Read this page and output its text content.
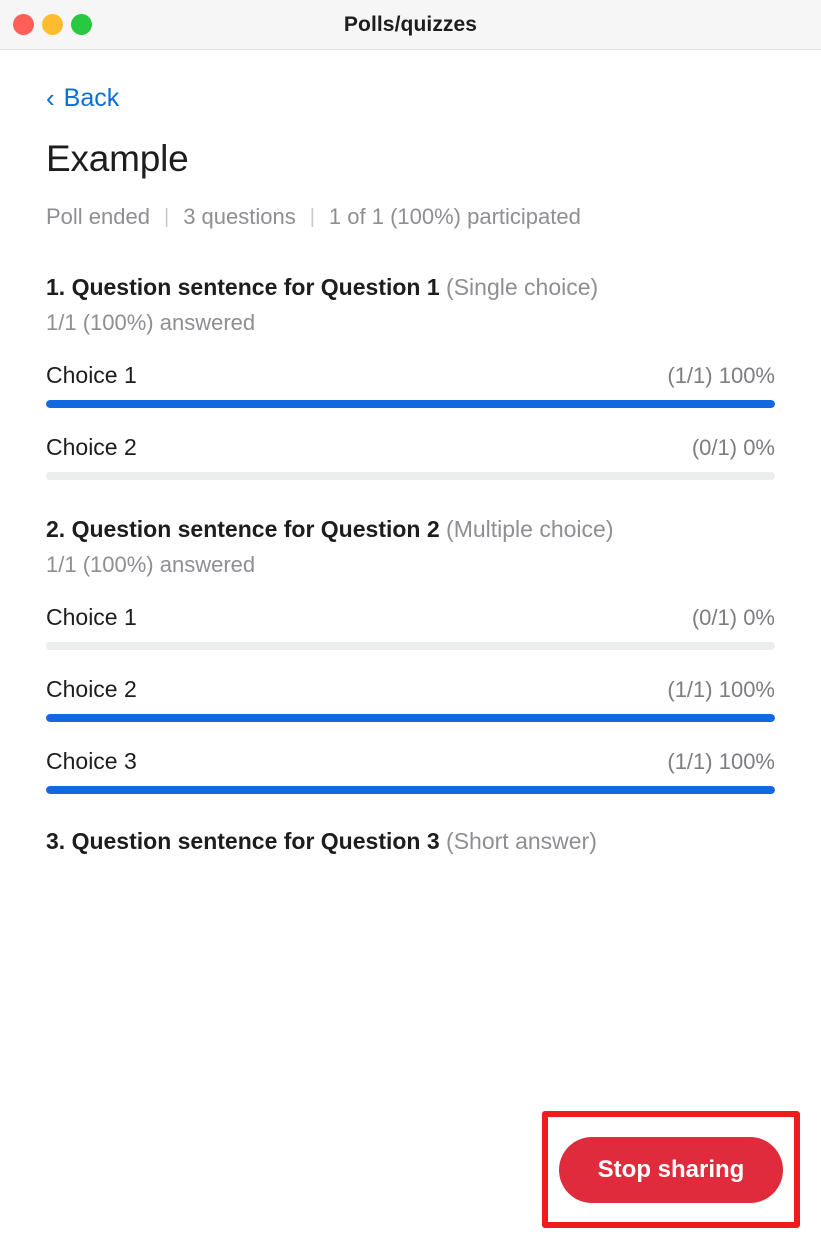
Polls/quizzes
‹ Back
Example
Poll ended | 3 questions | 1 of 1 (100%) participated
1. Question sentence for Question 1 (Single choice)
1/1 (100%) answered
Choice 1	(1/1) 100%
Choice 2	(0/1) 0%
2. Question sentence for Question 2 (Multiple choice)
1/1 (100%) answered
Choice 1	(0/1) 0%
Choice 2	(1/1) 100%
Choice 3	(1/1) 100%
3. Question sentence for Question 3 (Short answer)
Stop sharing
